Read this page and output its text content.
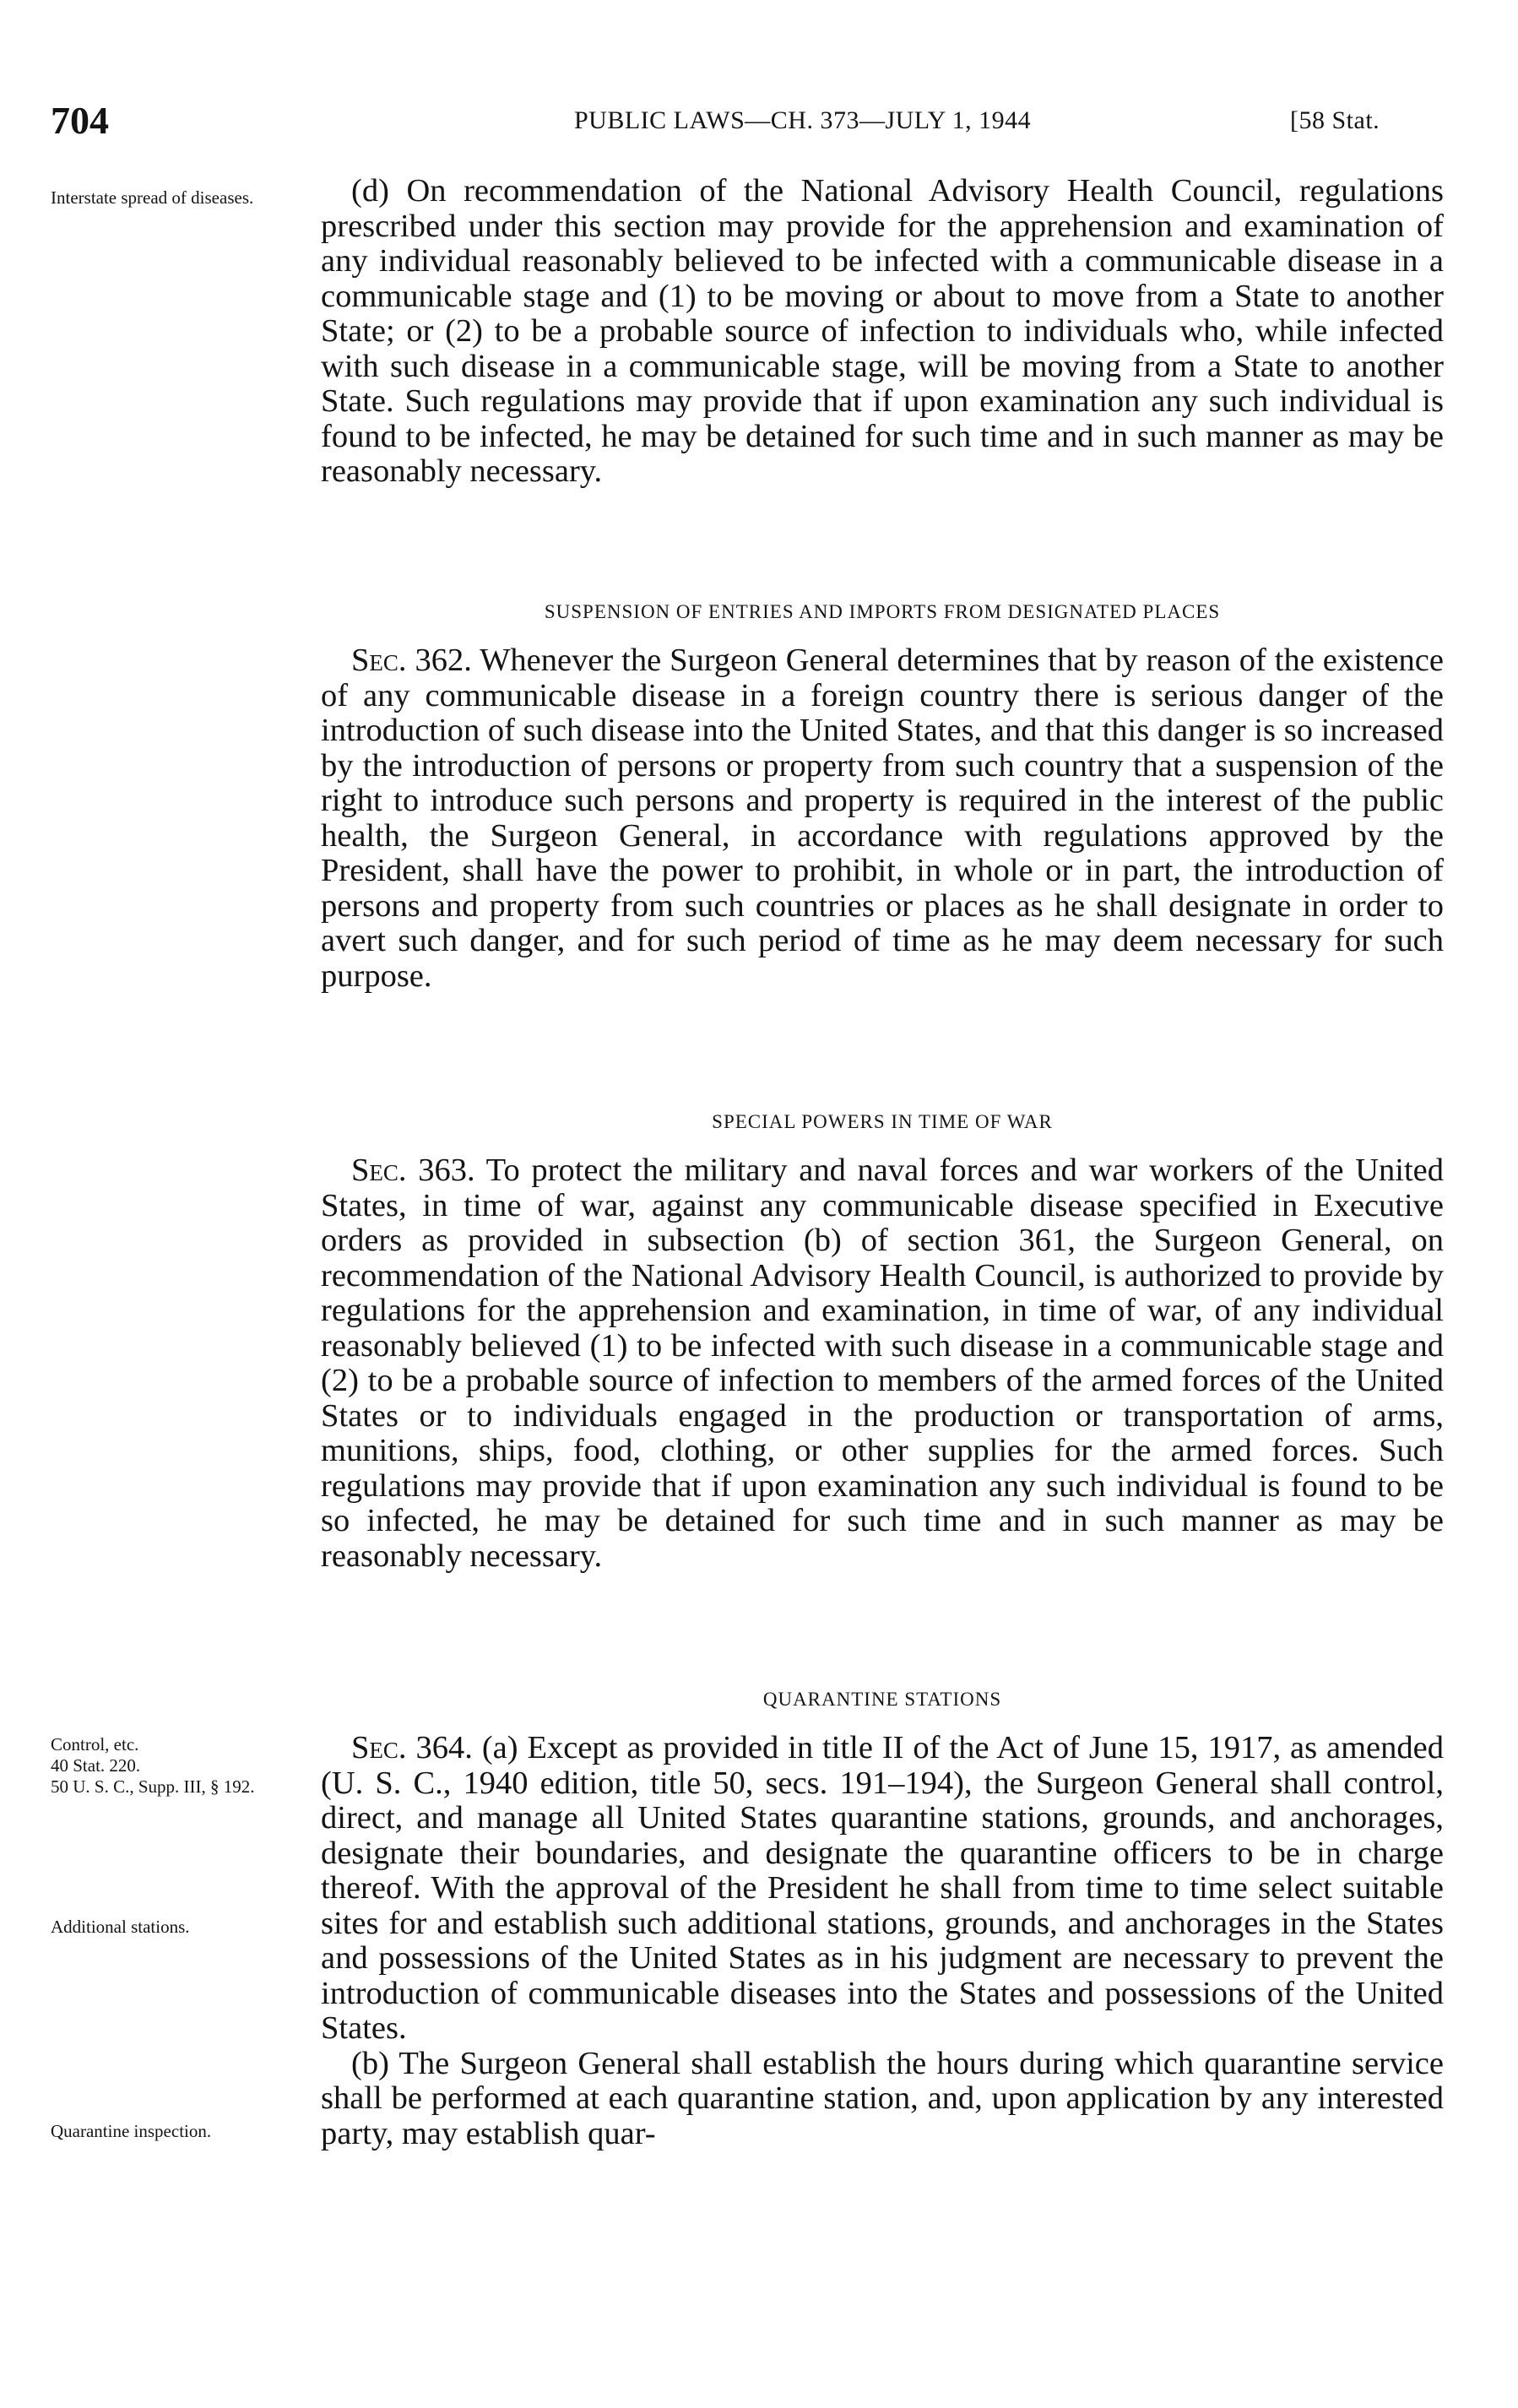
704	PUBLIC LAWS—CH. 373—JULY 1, 1944	[58 Stat.
Interstate spread of diseases.
Control, etc.
40 Stat. 220.
50 U. S. C., Supp. III, § 192.
Additional stations.
Quarantine inspection.

(d) On recommendation of the National Advisory Health Council, regulations prescribed under this section may provide for the apprehension and examination of any individual reasonably believed to be infected with a communicable disease in a communicable stage and (1) to be moving or about to move from a State to another State; or (2) to be a probable source of infection to individuals who, while infected with such disease in a communicable stage, will be moving from a State to another State. Such regulations may provide that if upon examination any such individual is found to be infected, he may be detained for such time and in such manner as may be reasonably necessary.

SUSPENSION OF ENTRIES AND IMPORTS FROM DESIGNATED PLACES

Sec. 362. Whenever the Surgeon General determines that by reason of the existence of any communicable disease in a foreign country there is serious danger of the introduction of such disease into the United States, and that this danger is so increased by the introduction of persons or property from such country that a suspension of the right to introduce such persons and property is required in the interest of the public health, the Surgeon General, in accordance with regulations approved by the President, shall have the power to prohibit, in whole or in part, the introduction of persons and property from such countries or places as he shall designate in order to avert such danger, and for such period of time as he may deem necessary for such purpose.

SPECIAL POWERS IN TIME OF WAR

Sec. 363. To protect the military and naval forces and war workers of the United States, in time of war, against any communicable disease specified in Executive orders as provided in subsection (b) of section 361, the Surgeon General, on recommendation of the National Advisory Health Council, is authorized to provide by regulations for the apprehension and examination, in time of war, of any individual reasonably believed (1) to be infected with such disease in a communicable stage and (2) to be a probable source of infection to members of the armed forces of the United States or to individuals engaged in the production or transportation of arms, munitions, ships, food, clothing, or other supplies for the armed forces. Such regulations may provide that if upon examination any such individual is found to be so infected, he may be detained for such time and in such manner as may be reasonably necessary.

QUARANTINE STATIONS

Sec. 364. (a) Except as provided in title II of the Act of June 15, 1917, as amended (U. S. C., 1940 edition, title 50, secs. 191–194), the Surgeon General shall control, direct, and manage all United States quarantine stations, grounds, and anchorages, designate their boundaries, and designate the quarantine officers to be in charge thereof. With the approval of the President he shall from time to time select suitable sites for and establish such additional stations, grounds, and anchorages in the States and possessions of the United States as in his judgment are necessary to prevent the introduction of communicable diseases into the States and possessions of the United States.

(b) The Surgeon General shall establish the hours during which quarantine service shall be performed at each quarantine station, and, upon application by any interested party, may establish quar-
